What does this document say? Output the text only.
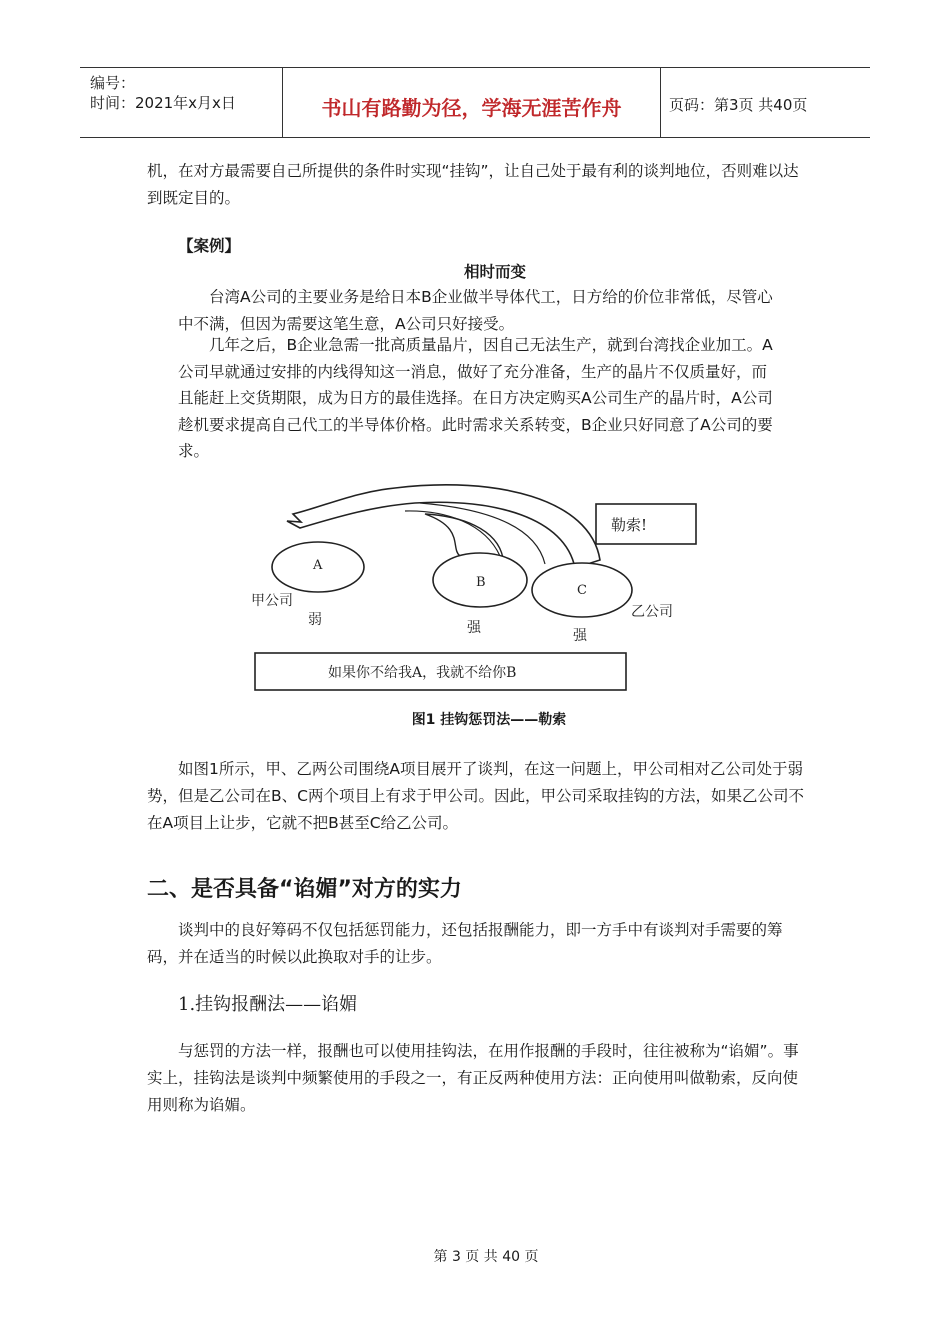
编号：
时间：2021年x月x日	书山有路勤为径，学海无涯苦作舟	页码：第3页 共40页

机，在对方最需要自己所提供的条件时实现“挂钩”，让自己处于最有利的谈判地位，否则难以达到既定目的。

【案例】
相时而变

台湾A公司的主要业务是给日本B企业做半导体代工，日方给的价位非常低，尽管心中不满，但因为需要这笔生意，A公司只好接受。

几年之后，B企业急需一批高质量晶片，因自己无法生产，就到台湾找企业加工。A公司早就通过安排的内线得知这一消息，做好了充分准备，生产的晶片不仅质量好，而且能赶上交货期限，成为日方的最佳选择。在日方决定购买A公司生产的晶片时，A公司趁机要求提高自己代工的半导体价格。此时需求关系转变，B企业只好同意了A公司的要求。

勒索!
A
B
C
甲公司
弱	强	强
乙公司
如果你不给我A，我就不给你B
图1 挂钩惩罚法——勒索

如图1所示，甲、乙两公司围绕A项目展开了谈判，在这一问题上，甲公司相对乙公司处于弱势，但是乙公司在B、C两个项目上有求于甲公司。因此，甲公司采取挂钩的方法，如果乙公司不在A项目上让步，它就不把B甚至C给乙公司。

二、是否具备“谄媚”对方的实力

谈判中的良好筹码不仅包括惩罚能力，还包括报酬能力，即一方手中有谈判对手需要的筹码，并在适当的时候以此换取对手的让步。

1.挂钩报酬法——谄媚

与惩罚的方法一样，报酬也可以使用挂钩法，在用作报酬的手段时，往往被称为“谄媚”。事实上，挂钩法是谈判中频繁使用的手段之一，有正反两种使用方法：正向使用叫做勒索，反向使用则称为谄媚。

第 3 页 共 40 页
